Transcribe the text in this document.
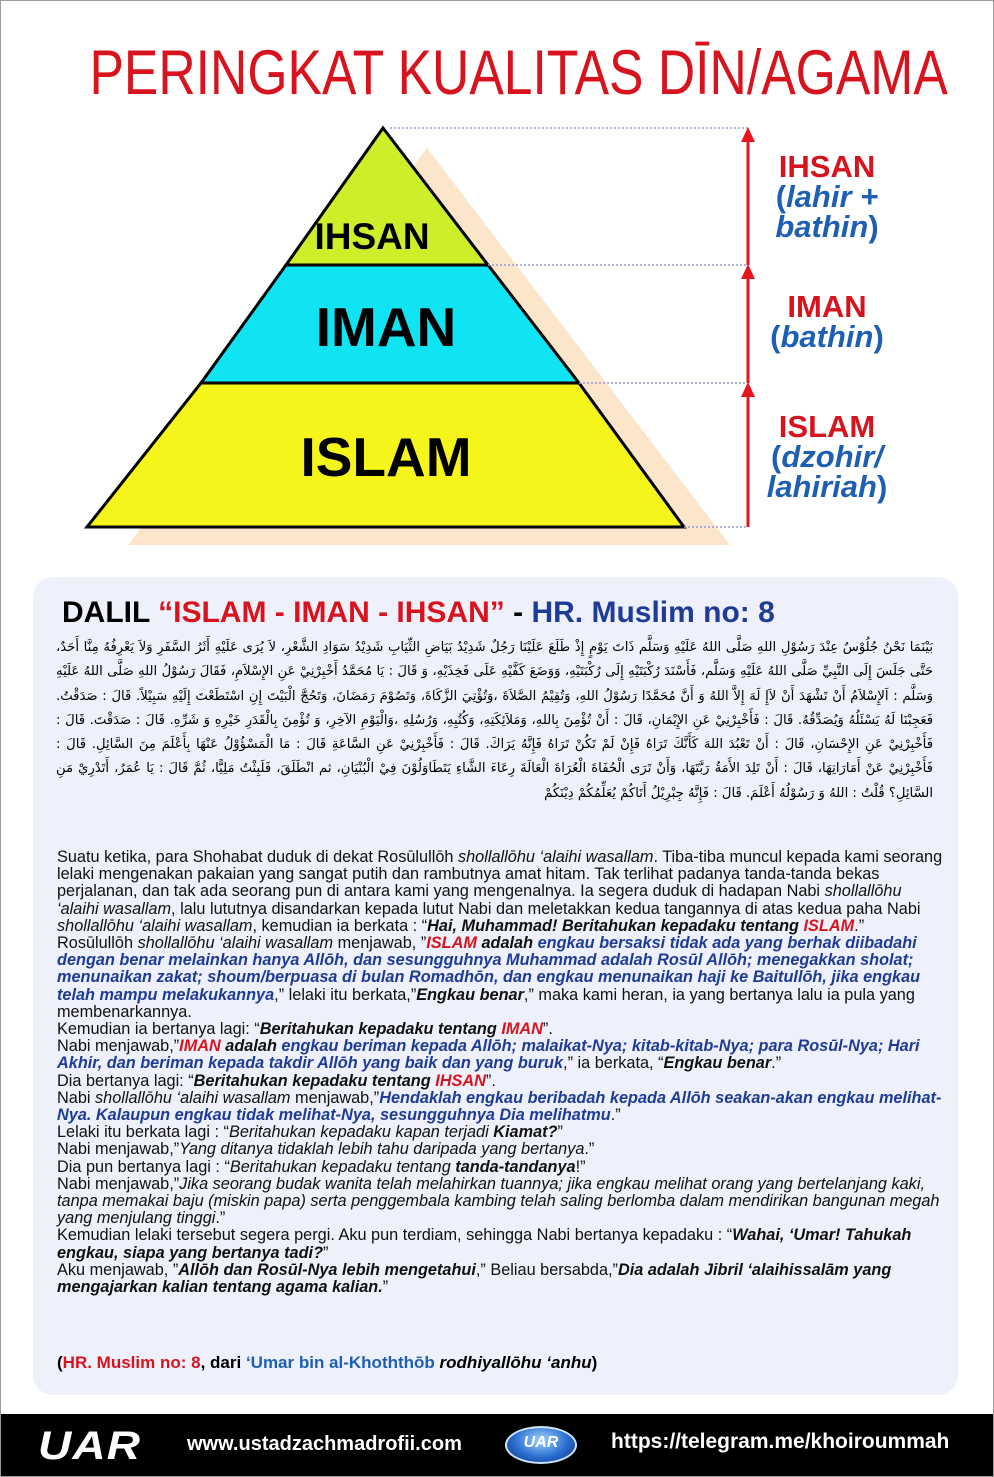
PERINGKAT KUALITAS DĪN/AGAMA
IHSAN
IMAN
ISLAM
IHSAN
(lahir +
bathin)
IMAN
(bathin)
ISLAM
(dzohir/
lahiriah)
DALIL “ISLAM - IMAN - IHSAN” - HR. Muslim no: 8
بَيْنَمَا نَحْنُ جُلُوْسٌ عِنْدَ رَسُوْلِ اللهِ صَلَّى اللهُ عَلَيْهِ وَسَلَّم ذَاتَ يَوْمٍ إِذْ طَلَعَ عَلَيْنَا رَجُلٌ شَدِيْدُ بَيَاضِ الثِّيَابِ شَدِيْدُ سَوَادِ الشَّعْرِ، لاَ يُرَى عَلَيْهِ أَثَرُ السَّفَرِ وَلاَ يَعْرِفُهُ مِنَّا أَحَدٌ، حَتَّى جَلَسَ إِلَى النَّبِيِّ صَلَّى اللهُ عَلَيْهِ وَسَلَّم، فَأَسْنَدَ رُكْبَتَيْهِ إِلَى رُكْبَتَيْهِ، وَوَضَعَ كَفَّيْهِ عَلَى فَخِذَيْهِ، وَ قَالَ : يَا مُحَمَّدُ أَخْبِرْنِيْ عَنِ الإِسْلاَمِ، فَقَالَ رَسُوْلُ اللهِ صَلَّى اللهُ عَلَيْهِ وَسَلَّم : اَلإِسْلاَمُ أَنْ تَشْهَدَ أَنْ لاَإِ لَهَ إِلاَّ اللهُ وَ أَنَّ مُحَمَّدًا رَسُوْلُ اللهِ، وَتُقِيْمُ الصَّلاَةَ ،وَتُؤْتِيَ الزَّكَاةَ، وَتَصُوْمَ رَمَضَانَ، وَتَحُجَّ الْبَيْتَ إِنِ اسْتَطَعْتَ إِلَيْهِ سَبِيْلاً. قَالَ : صَدَقْتُ. فَعَجِبْنَا لَهُ يَسْئَلُهُ وَيُصَدِّقُهُ. قَالَ : فَأَخْبِرْنِيْ عَنِ الإِيْمَانِ، قَالَ : أَنْ تُؤْمِنَ بِاللهِ، وَمَلاَئِكَتِهِ، وَكُتُبِهِ، وَرُسُلِهِ ،وَالْيَوْمِ الآخِرِ، وَ تُؤْمِنَ بِالْقَدَرِ خَيْرِهِ وَ شَرِّهِ. قَالَ : صَدَقْتَ. قَالَ : فَأَخْبِرْنِيْ عَنِ الإِحْسَانِ، قَالَ : أَنْ تَعْبُدَ اللهَ كَأَنَّكَ تَرَاهُ فَإِنْ لَمْ تَكُنْ تَرَاهُ فَإِنَّهُ يَرَاكَ. قَالَ : فَأَخْبِرْنِيْ عَنِ السَّاعَةِ قَالَ : مَا الْمَسْؤُوْلُ عَنْهَا بِأَعْلَمَ مِنَ السَّائِلِ. قَالَ : فَأَخْبِرْنِيْ عَنْ أَمَارَاتِهَا، قَالَ : أَنْ تَلِدَ الأَمَةُ رَبَّتَهَا، وَأَنْ تَرَى الْحُفَاةَ الْعُرَاةَ الْعَالَةَ رِعَاءَ الشَّاءِ يَتَطَاوَلُوْنَ فِيْ الْبُنْيَانِ، ثم انْطَلَقَ، فَلَبِثْتُ مَلِيًّا، ثُمَّ قَالَ : يَا عُمَرُ، أَتَدْرِيْ مَنِ السَّائِلِ؟ قُلْتُ : اللهُ وَ رَسُوْلُهُ أَعْلَمَ. قَالَ : فَإِنَّهُ جِبْرِيْلُ أَتَاكُمْ يُعَلِّمُكُمْ دِيْنَكُمْ

Suatu ketika, para Shohabat duduk di dekat Rosūlullōh shollallōhu ‘alaihi wasallam. Tiba-tiba muncul kepada kami seorang lelaki mengenakan pakaian yang sangat putih dan rambutnya amat hitam. Tak terlihat padanya tanda-tanda bekas perjalanan, dan tak ada seorang pun di antara kami yang mengenalnya. Ia segera duduk di hadapan Nabi shollallōhu ‘alaihi wasallam, lalu lututnya disandarkan kepada lutut Nabi dan meletakkan kedua tangannya di atas kedua paha Nabi shollallōhu ‘alaihi wasallam, kemudian ia berkata : “Hai, Muhammad! Beritahukan kepadaku tentang ISLAM.”

Rosūlullōh shollallōhu ‘alaihi wasallam menjawab, ”ISLAM adalah engkau bersaksi tidak ada yang berhak diibadahi dengan benar melainkan hanya Allōh, dan sesungguhnya Muhammad adalah Rosūl Allōh; menegakkan sholat; menunaikan zakat; shoum/berpuasa di bulan Romadhōn, dan engkau menunaikan haji ke Baitullōh, jika engkau telah mampu melakukannya,” lelaki itu berkata,”Engkau benar,” maka kami heran, ia yang bertanya lalu ia pula yang membenarkannya.

Kemudian ia bertanya lagi: “Beritahukan kepadaku tentang IMAN”.

Nabi menjawab,”IMAN adalah engkau beriman kepada Allōh; malaikat-Nya; kitab-kitab-Nya; para Rosūl-Nya; Hari Akhir, dan beriman kepada takdir Allōh yang baik dan yang buruk,” ia berkata, “Engkau benar.”

Dia bertanya lagi: “Beritahukan kepadaku tentang IHSAN”.

Nabi shollallōhu ‘alaihi wasallam menjawab,”Hendaklah engkau beribadah kepada Allōh seakan-akan engkau melihat-Nya. Kalaupun engkau tidak melihat-Nya, sesungguhnya Dia melihatmu.”

Lelaki itu berkata lagi : “Beritahukan kepadaku kapan terjadi Kiamat?”

Nabi menjawab,”Yang ditanya tidaklah lebih tahu daripada yang bertanya.”

Dia pun bertanya lagi : “Beritahukan kepadaku tentang tanda-tandanya!”

Nabi menjawab,”Jika seorang budak wanita telah melahirkan tuannya; jika engkau melihat orang yang bertelanjang kaki, tanpa memakai baju (miskin papa) serta penggembala kambing telah saling berlomba dalam mendirikan bangunan megah yang menjulang tinggi.”

Kemudian lelaki tersebut segera pergi. Aku pun terdiam, sehingga Nabi bertanya kepadaku : “Wahai, ‘Umar! Tahukah engkau, siapa yang bertanya tadi?”

Aku menjawab, ”Allōh dan Rosūl-Nya lebih mengetahui,” Beliau bersabda,”Dia adalah Jibril ‘alaihissalām yang mengajarkan kalian tentang agama kalian.”

(HR. Muslim no: 8, dari ‘Umar bin al-Khoththōb rodhiyallōhu ‘anhu)
UAR www.ustadzachmadrofii.com	UAR	https://telegram.me/khoiroummah
